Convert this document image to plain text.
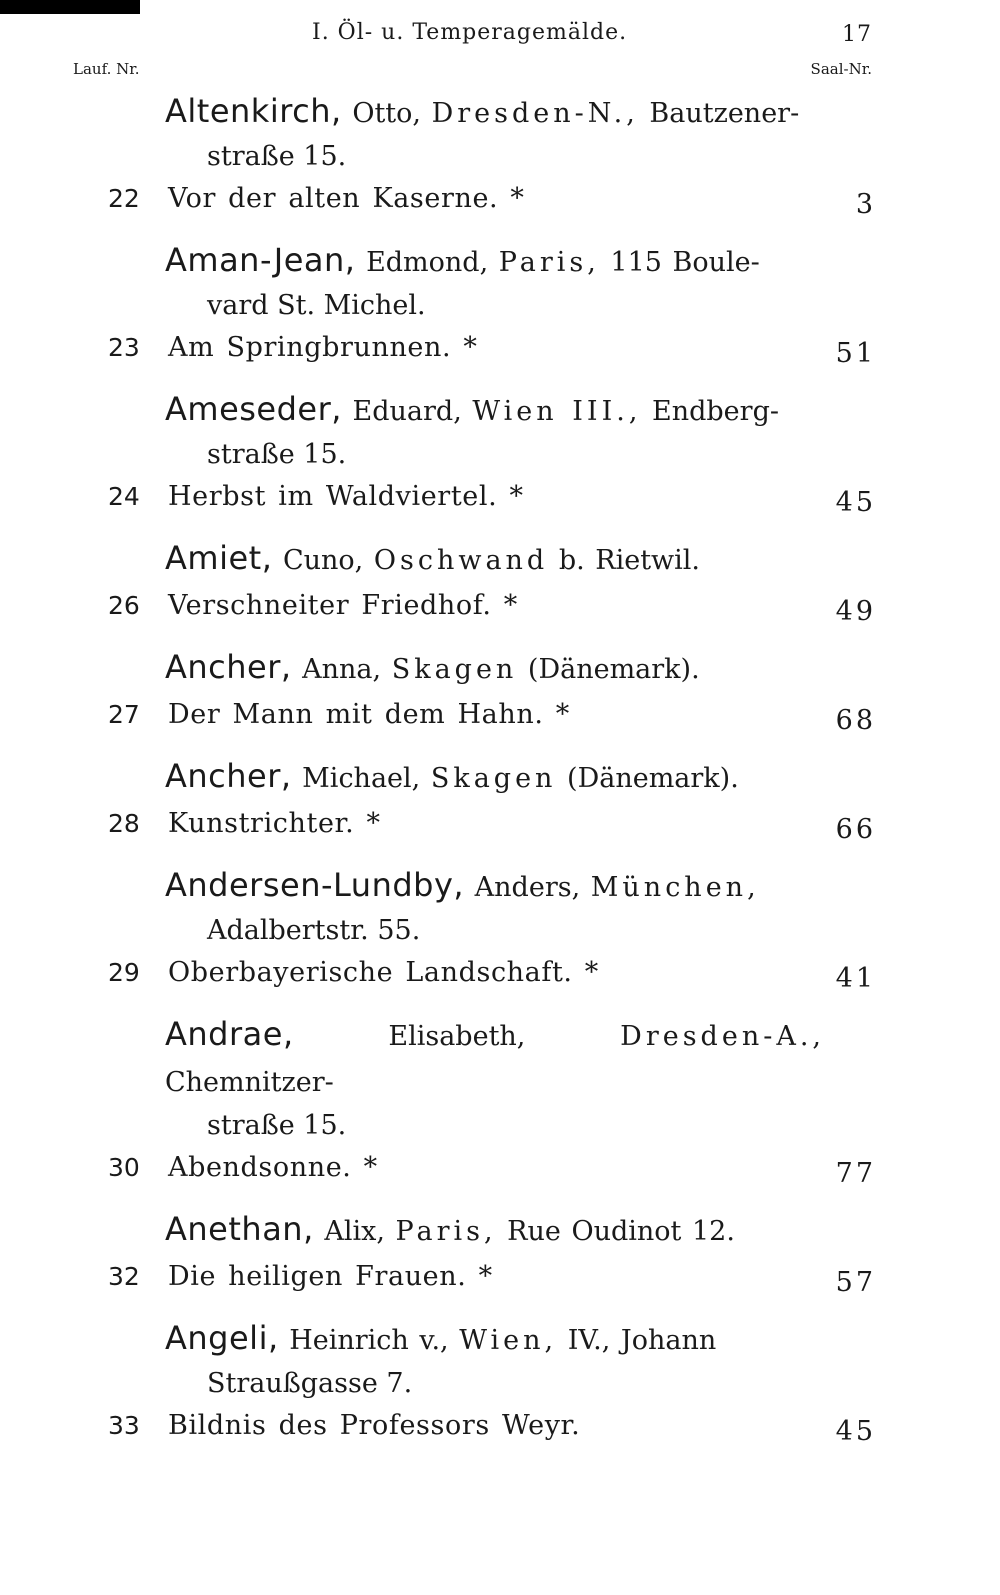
I. Öl- u. Temperagemälde.	17
Lauf. Nr.	Saal-Nr.
Altenkirch, Otto, Dresden-N., Bautzener-
straße 15.
22 Vor der alten Kaserne. *	3
Aman-Jean, Edmond, Paris, 115 Boule-
vard St. Michel.
23 Am Springbrunnen. *	51
Ameseder, Eduard, Wien III., Endberg-
straße 15.
24 Herbst im Waldviertel. *	45
Amiet, Cuno, Oschwand b. Rietwil.
26 Verschneiter Friedhof. *	49
Ancher, Anna, Skagen (Dänemark).
27 Der Mann mit dem Hahn. *	68
Ancher, Michael, Skagen (Dänemark).
28 Kunstrichter. *	66
Andersen-Lundby, Anders, München,
Adalbertstr. 55.
29 Oberbayerische Landschaft. *	41
Andrae,	Elisabeth,	Dresden-A., Chemnitzer-
straße 15.
30 Abendsonne. *	77
Anethan, Alix, Paris, Rue Oudinot 12.
32 Die heiligen Frauen. *	57
Angeli, Heinrich v., Wien, IV., Johann
Straußgasse 7.
33 Bildnis des Professors Weyr.	45
